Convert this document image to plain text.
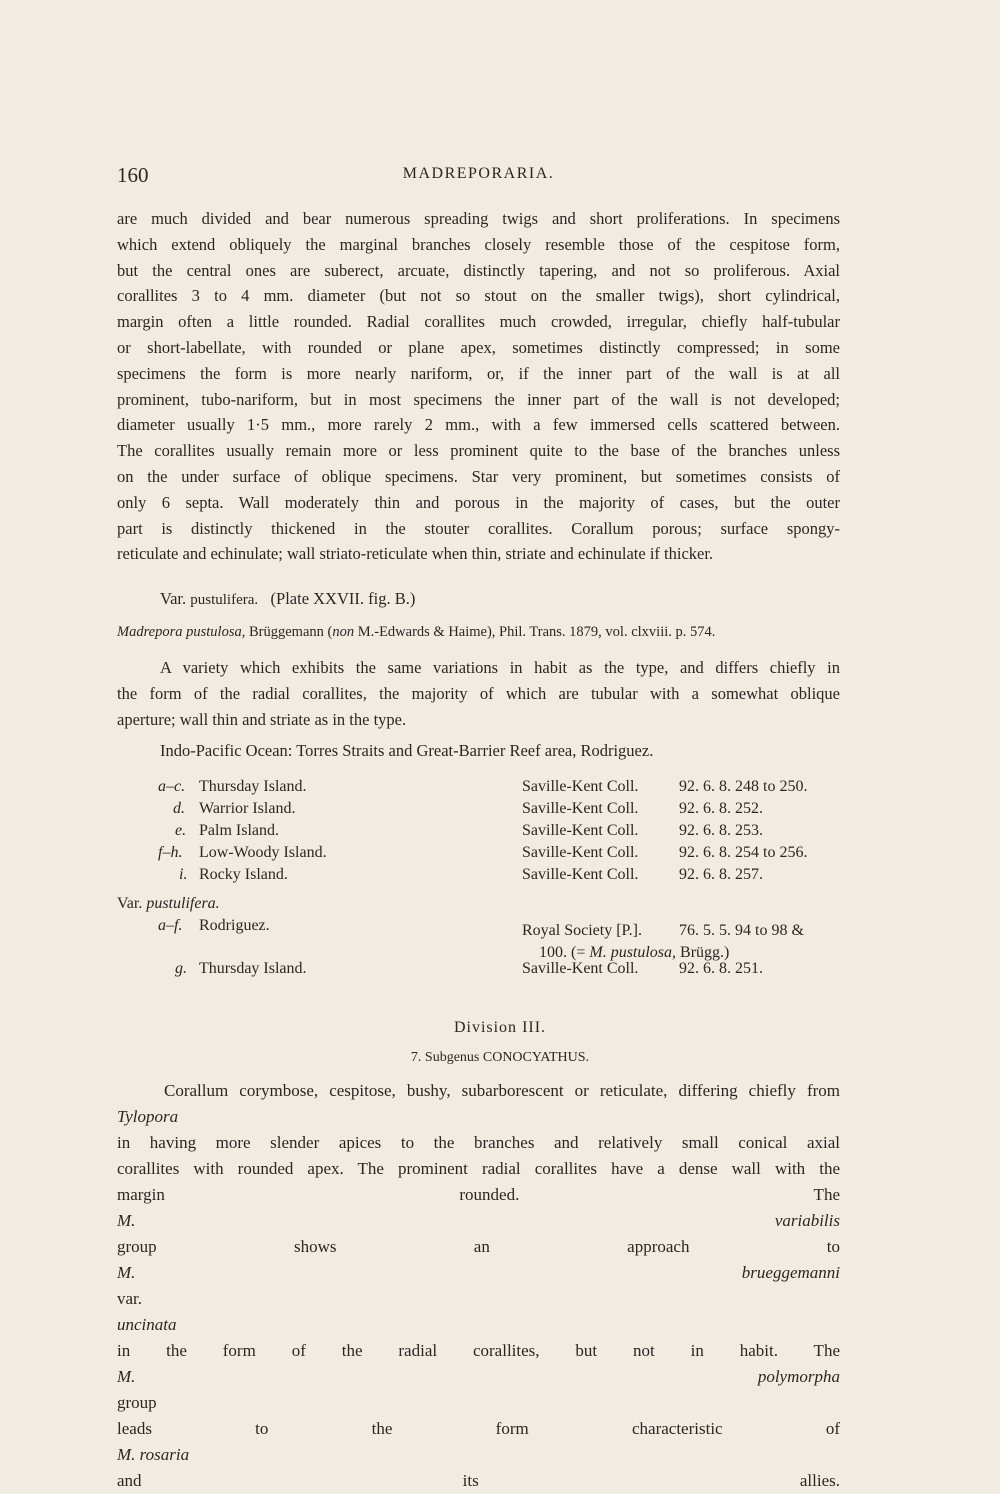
160	MADREPORARIA.
are much divided and bear numerous spreading twigs and short proliferations. In specimens
which extend obliquely the marginal branches closely resemble those of the cespitose form,
but the central ones are suberect, arcuate, distinctly tapering, and not so proliferous. Axial
corallites 3 to 4 mm. diameter (but not so stout on the smaller twigs), short cylindrical,
margin often a little rounded. Radial corallites much crowded, irregular, chiefly half-tubular
or short-labellate, with rounded or plane apex, sometimes distinctly compressed; in some
specimens the form is more nearly nariform, or, if the inner part of the wall is at all
prominent, tubo-nariform, but in most specimens the inner part of the wall is not developed;
diameter usually 1·5 mm., more rarely 2 mm., with a few immersed cells scattered between.
The corallites usually remain more or less prominent quite to the base of the branches unless
on the under surface of oblique specimens. Star very prominent, but sometimes consists of
only 6 septa. Wall moderately thin and porous in the majority of cases, but the outer
part is distinctly thickened in the stouter corallites. Corallum porous; surface spongy-
reticulate and echinulate; wall striato-reticulate when thin, striate and echinulate if thicker.
Var. pustulifera. (Plate XXVII. fig. B.)
Madrepora pustulosa, Brüggemann (non M.-Edwards & Haime), Phil. Trans. 1879, vol. clxviii. p. 574.
A variety which exhibits the same variations in habit as the type, and differs chiefly in
the form of the radial corallites, the majority of which are tubular with a somewhat oblique
aperture; wall thin and striate as in the type.
Indo-Pacific Ocean: Torres Straits and Great-Barrier Reef area, Rodriguez.
a–c. Thursday Island.	Saville-Kent Coll.	92. 6. 8. 248 to 250.
d. Warrior Island.	Saville-Kent Coll.	92. 6. 8. 252.
e. Palm Island.	Saville-Kent Coll.	92. 6. 8. 253.
f–h. Low-Woody Island.	Saville-Kent Coll.	92. 6. 8. 254 to 256.
i. Rocky Island.	Saville-Kent Coll.	92. 6. 8. 257.
Var. pustulifera.
a–f. Rodriguez.	Royal Society [P.]. 76. 5. 5. 94 to 98 &
100. (= M. pustulosa, Brügg.)
g. Thursday Island.	Saville-Kent Coll.	92. 6. 8. 251.
Division III.
7. Subgenus CONOCYATHUS.
Corallum corymbose, cespitose, bushy, subarborescent or reticulate, differing chiefly from
Tylopora
in having more slender apices to the branches and relatively small conical axial
corallites with rounded apex. The prominent radial corallites have a dense wall with the
margin rounded. The
M. variabilis
group shows an approach to
M. brueggemanni
var.
uncinata
in the form of the radial corallites, but not in habit. The
M. polymorpha
group
leads to the form characteristic of
M. rosaria
and its allies.
